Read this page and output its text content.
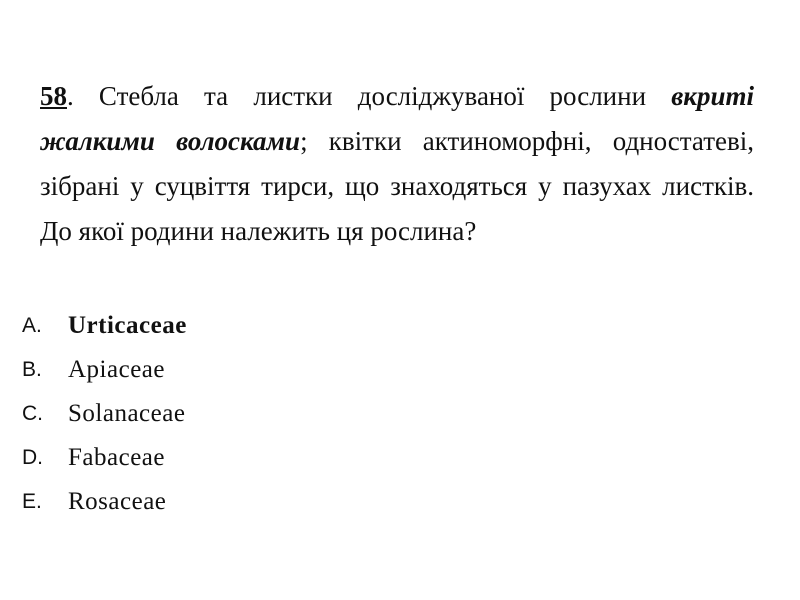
58. Стебла та листки досліджуваної рослини вкриті жалкими волосками; квітки актиноморфні, одностатеві, зібрані у суцвіття тирси, що знаходяться у пазухах листків. До якої родини належить ця рослина?

A.	Urticaceae
B.	Apiaceae
C.	Solanaceae
D.	Fabaceae
E.	Rosaceae
